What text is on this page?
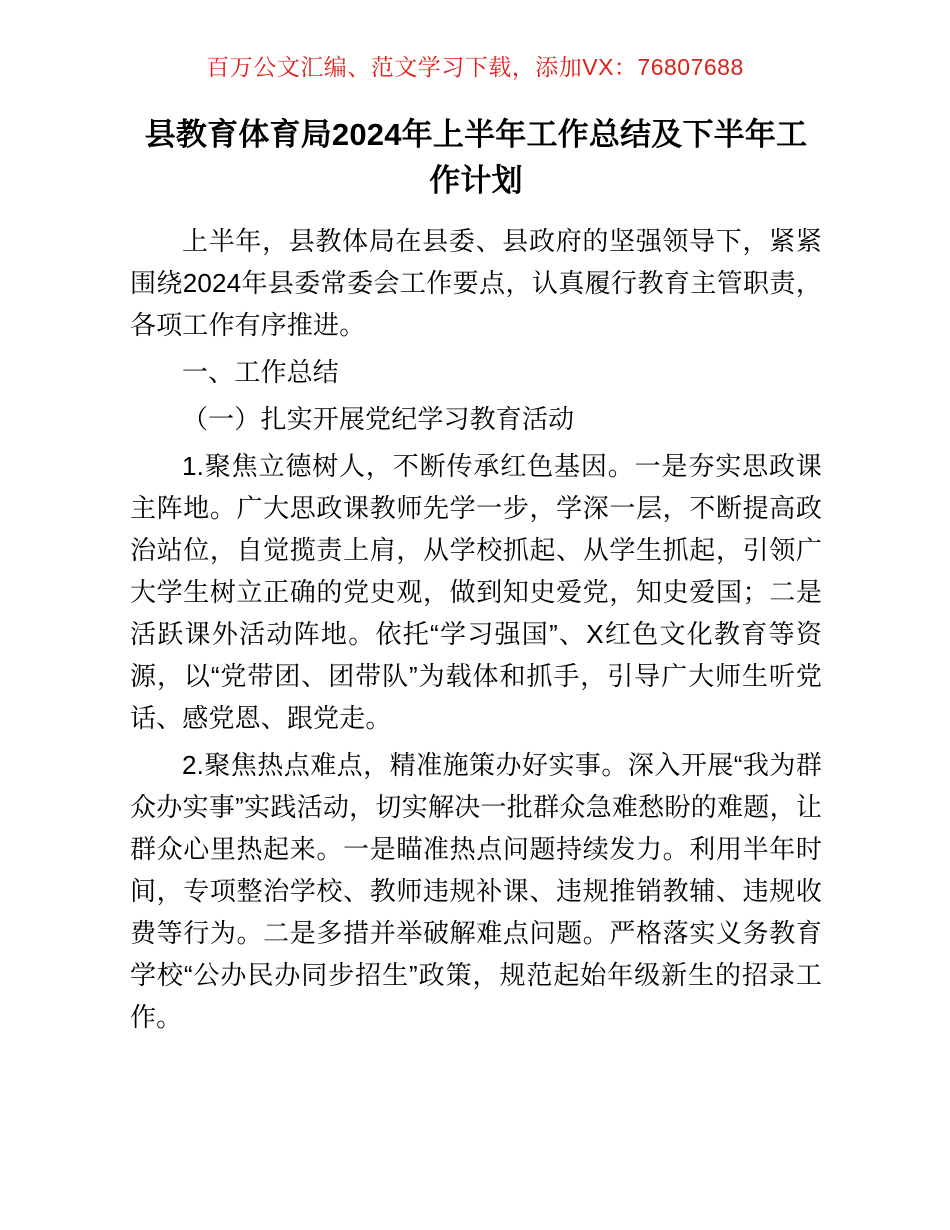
百万公文汇编、范文学习下载，添加VX：76807688
县教育体育局2024年上半年工作总结及下半年工作计划

上半年，县教体局在县委、县政府的坚强领导下，紧紧围绕2024年县委常委会工作要点，认真履行教育主管职责，各项工作有序推进。

一、工作总结

（一）扎实开展党纪学习教育活动

1.聚焦立德树人，不断传承红色基因。一是夯实思政课主阵地。广大思政课教师先学一步，学深一层，不断提高政治站位，自觉揽责上肩，从学校抓起、从学生抓起，引领广大学生树立正确的党史观，做到知史爱党，知史爱国；二是活跃课外活动阵地。依托“学习强国”、X红色文化教育等资源，以“党带团、团带队”为载体和抓手，引导广大师生听党话、感党恩、跟党走。

2.聚焦热点难点，精准施策办好实事。深入开展“我为群众办实事”实践活动，切实解决一批群众急难愁盼的难题，让群众心里热起来。一是瞄准热点问题持续发力。利用半年时间，专项整治学校、教师违规补课、违规推销教辅、违规收费等行为。二是多措并举破解难点问题。严格落实义务教育学校“公办民办同步招生”政策，规范起始年级新生的招录工作。
